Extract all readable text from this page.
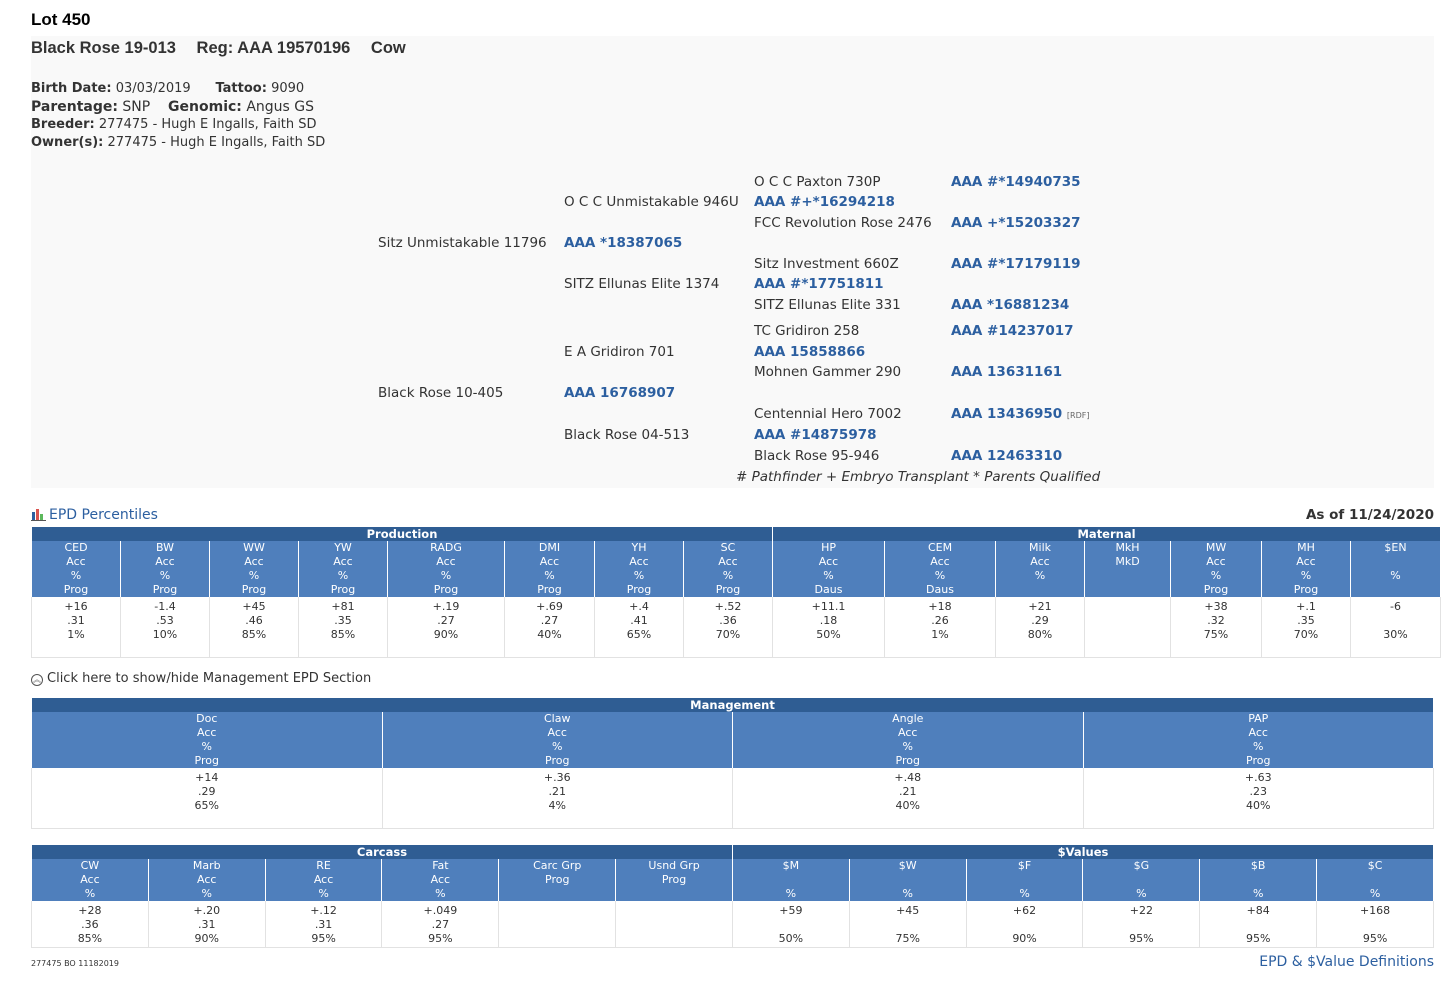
Lot 450
Black Rose 19-013 Reg: AAA 19570196 Cow
Birth Date: 03/03/2019 Tattoo: 9090
Parentage: SNP Genomic: Angus GS
Breeder: 277475 - Hugh E Ingalls, Faith SD
Owner(s): 277475 - Hugh E Ingalls, Faith SD
O C C Paxton 730P	AAA #*14940735
O C C Unmistakable 946U AAA #+*16294218
FCC Revolution Rose 2476 AAA +*15203327
Sitz Unmistakable 11796 AAA *18387065
Sitz Investment 660Z	AAA #*17179119
SITZ Ellunas Elite 1374	AAA #*17751811
SITZ Ellunas Elite 331	AAA *16881234
TC Gridiron 258	AAA #14237017
E A Gridiron 701	AAA 15858866
Mohnen Gammer 290	AAA 13631161
Black Rose 10-405	AAA 16768907
Centennial Hero 7002	AAA 13436950 [RDF]
Black Rose 04-513	AAA #14875978
Black Rose 95-946	AAA 12463310
# Pathfinder + Embryo Transplant * Parents Qualified
EPD Percentiles	As of 11/24/2020
Production								Maternal						

CED
Acc
%
Prog	BW
Acc
%
Prog	WW
Acc
%
Prog	YW
Acc
%
Prog	RADG
Acc
%
Prog	DMI
Acc
%
Prog	YH
Acc
%
Prog	SC
Acc
%
Prog	HP
Acc
%
Daus	CEM
Acc
%
Daus	Milk
Acc
%	MkH
MkD	MW
Acc
%
Prog	MH
Acc
%
Prog	$EN
%

+16
.31
1%	-1.4
.53
10%	+45
.46
85%	+81
.35
85%	+.19
.27
90%	+.69
.27
40%	+.4
.41
65%	+.52
.36
70%	+11.1
.18
50%	+18
.26
1%	+21
.29
80%		+38
.32
75%	+.1
.35
70%	-6
30%
︽ Click here to show/hide Management EPD Section
Management			

Doc
Acc
%
Prog	Claw
Acc
%
Prog	Angle
Acc
%
Prog	PAP
Acc
%
Prog

+14
.29
65%	+.36
.21
4%	+.48
.21
40%	+.63
.23
40%
Carcass						$Values					

CW
Acc
%	Marb
Acc
%	RE
Acc
%	Fat
Acc
%	Carc Grp
Prog	Usnd Grp
Prog	$M
%	$W
%	$F
%	$G
%	$B
%	$C
%

+28
.36
85%	+.20
.31
90%	+.12
.31
95%	+.049
.27
95%			+59
50%	+45
75%	+62
90%	+22
95%	+84
95%	+168
95%
277475 BO 11182019	EPD & $Value Definitions
